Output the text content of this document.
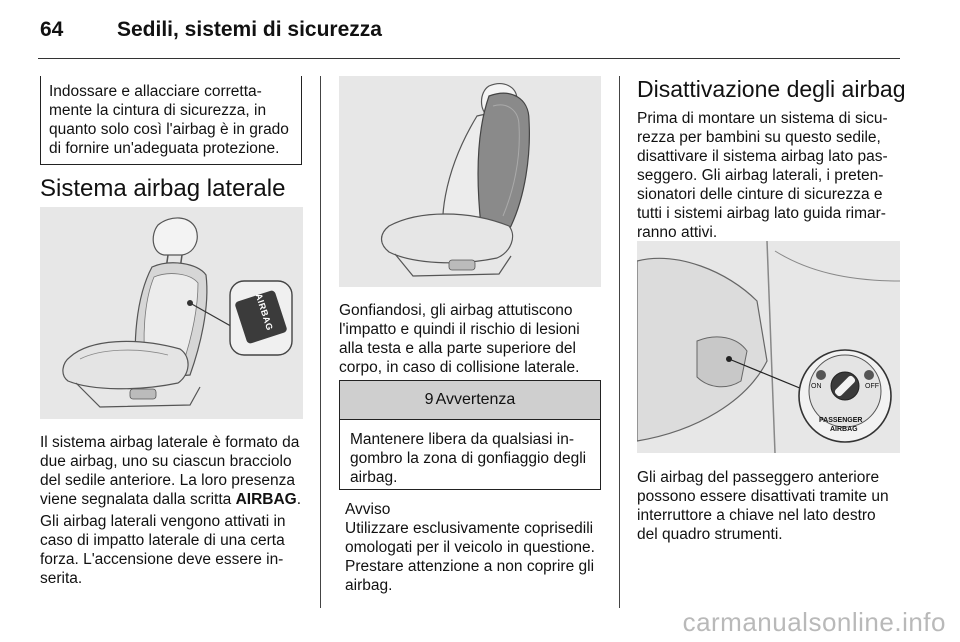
64	Sedili, sistemi di sicurezza
Indossare e allacciare corretta-
mente la cintura di sicurezza, in
quanto solo così l'airbag è in grado
di fornire un'adeguata protezione.
Sistema airbag laterale
AIRBAG
Il sistema airbag laterale è formato da
due airbag, uno su ciascun bracciolo
del sedile anteriore. La loro presenza
viene segnalata dalla scritta AIRBAG.
Gli airbag laterali vengono attivati in
caso di impatto laterale di una certa
forza. L'accensione deve essere in-
serita.
Gonfiandosi, gli airbag attutiscono
l'impatto e quindi il rischio di lesioni
alla testa e alla parte superiore del
corpo, in caso di collisione laterale.
9 Avvertenza
Mantenere libera da qualsiasi in-
gombro la zona di gonfiaggio degli
airbag.
Avviso
Utilizzare esclusivamente coprisedili
omologati per il veicolo in questione.
Prestare attenzione a non coprire gli
airbag.
Disattivazione degli airbag
Prima di montare un sistema di sicu-
rezza per bambini su questo sedile,
disattivare il sistema airbag lato pas-
seggero. Gli airbag laterali, i preten-
sionatori delle cinture di sicurezza e
tutti i sistemi airbag lato guida rimar-
ranno attivi.
ON	OFF
PASSENGER
AIRBAG
Gli airbag del passeggero anteriore
possono essere disattivati tramite un
interruttore a chiave nel lato destro
del quadro strumenti.
carmanualsonline.info
